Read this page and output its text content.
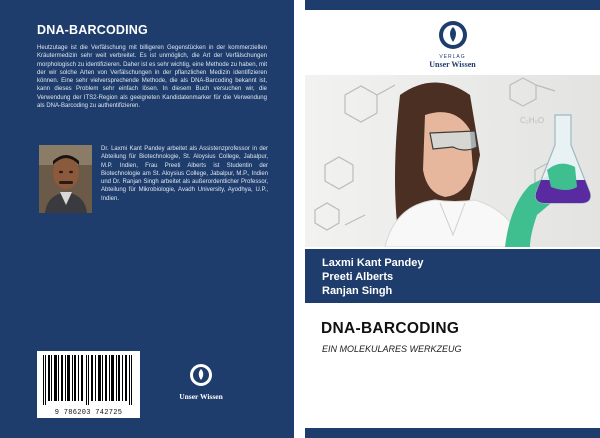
DNA-BARCODING
Heutzutage ist die Verfälschung mit billigeren Gegenstücken in der kommerziellen Kräutermedizin sehr weit verbreitet. Es ist unmöglich, die Art der Verfälschungen morphologisch zu identifizieren. Daher ist es sehr wichtig, eine Methode zu haben, mit der wir solche Arten von Verfälschungen in der pflanzlichen Medizin identifizieren können. Eine sehr vielversprechende Methode, die als DNA-Barcoding bekannt ist, kann dieses Problem sehr einfach lösen. In diesem Buch versuchen wir, die Verwendung der ITS2-Region als geeigneten Kandidatenmarker für die Verwendung als DNA-Barcoding zu authentifizieren.
Dr. Laxmi Kant Pandey arbeitet als Assistenzprofessor in der Abteilung für Biotechnologie, St. Aloysius College, Jabalpur, M.P. Indien, Frau Preeti Alberts ist Studentin der Biotechnologie am St. Aloysius College, Jabalpur, M.P., Indien und Dr. Ranjan Singh arbeitet als außerordentlicher Professor, Abteilung für Mikrobiologie, Avadh University, Ayodhya, U.P., Indien.
9 786203 742725
Unser Wissen
VERLAG
Unser Wissen
C₂H₅O
Laxmi Kant Pandey
Preeti Alberts
Ranjan Singh
DNA-BARCODING
EIN MOLEKULARES WERKZEUG
